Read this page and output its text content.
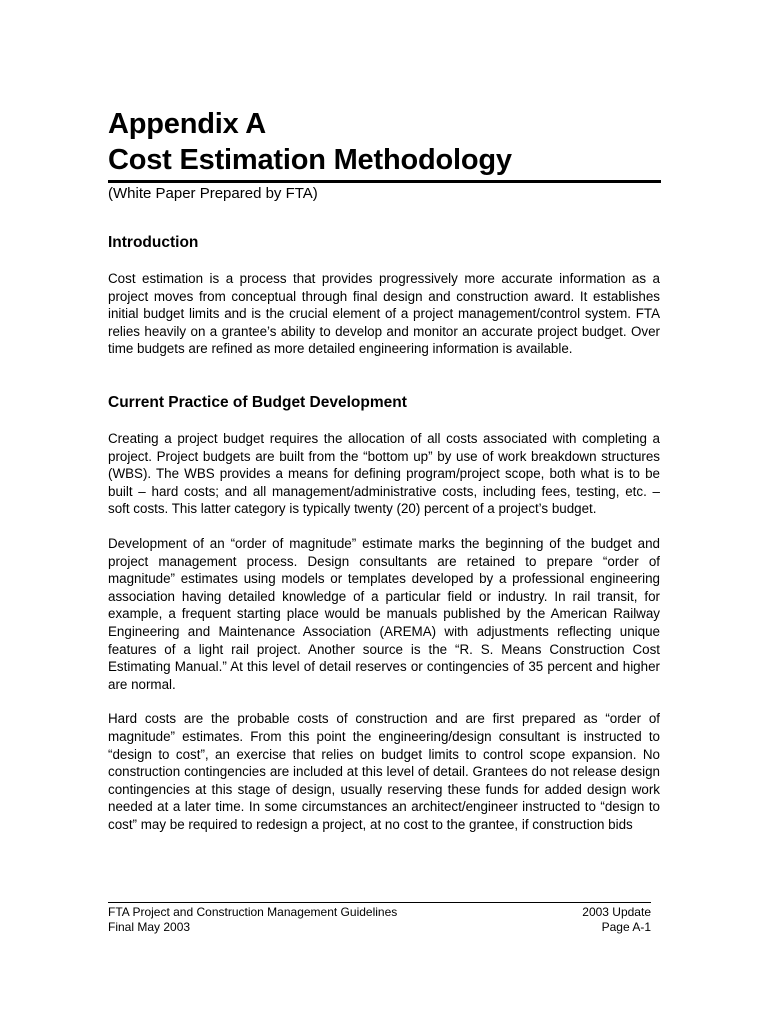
Appendix A
Cost Estimation Methodology
(White Paper Prepared by FTA)
Introduction

Cost estimation is a process that provides progressively more accurate information as a project moves from conceptual through final design and construction award. It establishes initial budget limits and is the crucial element of a project management/control system. FTA relies heavily on a grantee’s ability to develop and monitor an accurate project budget. Over time budgets are refined as more detailed engineering information is available.

Current Practice of Budget Development

Creating a project budget requires the allocation of all costs associated with completing a project. Project budgets are built from the “bottom up” by use of work breakdown structures (WBS). The WBS provides a means for defining program/project scope, both what is to be built – hard costs; and all management/administrative costs, including fees, testing, etc. – soft costs. This latter category is typically twenty (20) percent of a project’s budget.

Development of an “order of magnitude” estimate marks the beginning of the budget and project management process. Design consultants are retained to prepare “order of magnitude” estimates using models or templates developed by a professional engineering association having detailed knowledge of a particular field or industry. In rail transit, for example, a frequent starting place would be manuals published by the American Railway Engineering and Maintenance Association (AREMA) with adjustments reflecting unique features of a light rail project. Another source is the “R. S. Means Construction Cost Estimating Manual.” At this level of detail reserves or contingencies of 35 percent and higher are normal.

Hard costs are the probable costs of construction and are first prepared as “order of magnitude” estimates. From this point the engineering/design consultant is instructed to “design to cost”, an exercise that relies on budget limits to control scope expansion. No construction contingencies are included at this level of detail. Grantees do not release design contingencies at this stage of design, usually reserving these funds for added design work needed at a later time. In some circumstances an architect/engineer instructed to “design to cost” may be required to redesign a project, at no cost to the grantee, if construction bids

FTA Project and Construction Management Guidelines	2003 Update
Final May 2003	Page A-1
